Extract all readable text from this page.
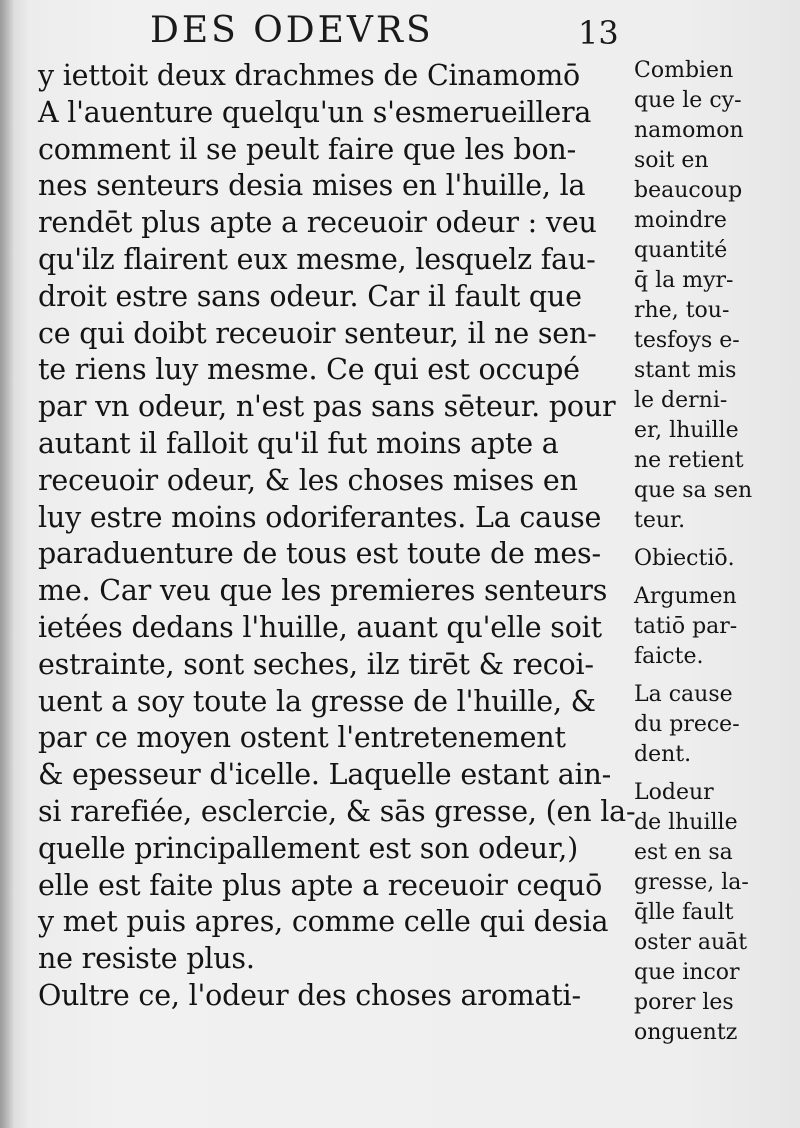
DES ODEVRS	13
y iettoit deux drachmes de Cinamomō
A l'auenture quelqu'un s'esmerueillera
comment il se peult faire que les bon-
nes senteurs desia mises en l'huille, la
rendēt plus apte a receuoir odeur : veu
qu'ilz flairent eux mesme, lesquelz fau-
droit estre sans odeur. Car il fault que
ce qui doibt receuoir senteur, il ne sen-
te riens luy mesme. Ce qui est occupé
par vn odeur, n'est pas sans sēteur. pour
autant il falloit qu'il fut moins apte a
receuoir odeur, & les choses mises en
luy estre moins odoriferantes. La cause
paraduenture de tous est toute de mes-
me. Car veu que les premieres senteurs
ietées dedans l'huille, auant qu'elle soit
estrainte, sont seches, ilz tirēt & recoi-
uent a soy toute la gresse de l'huille, &
par ce moyen ostent l'entretenement
& epesseur d'icelle. Laquelle estant ain-
si rarefiée, esclercie, & sās gresse, (en la-
quelle principallement est son odeur,)
elle est faite plus apte a receuoir cequō
y met puis apres, comme celle qui desia
ne resiste plus.
Oultre ce, l'odeur des choses aromati-
Combien
que le cy-
namomon
soit en
beaucoup
moindre
quantité
q̄ la myr-
rhe, tou-
tesfoys e-
stant mis
le derni-
er, lhuille
ne retient
que sa sen
teur.
Obiectiō.
Argumen
tatiō par-
faicte.
La cause
du prece-
dent.
Lodeur
de lhuille
est en sa
gresse, la-
q̄lle fault
oster auāt
que incor
porer les
onguentz
